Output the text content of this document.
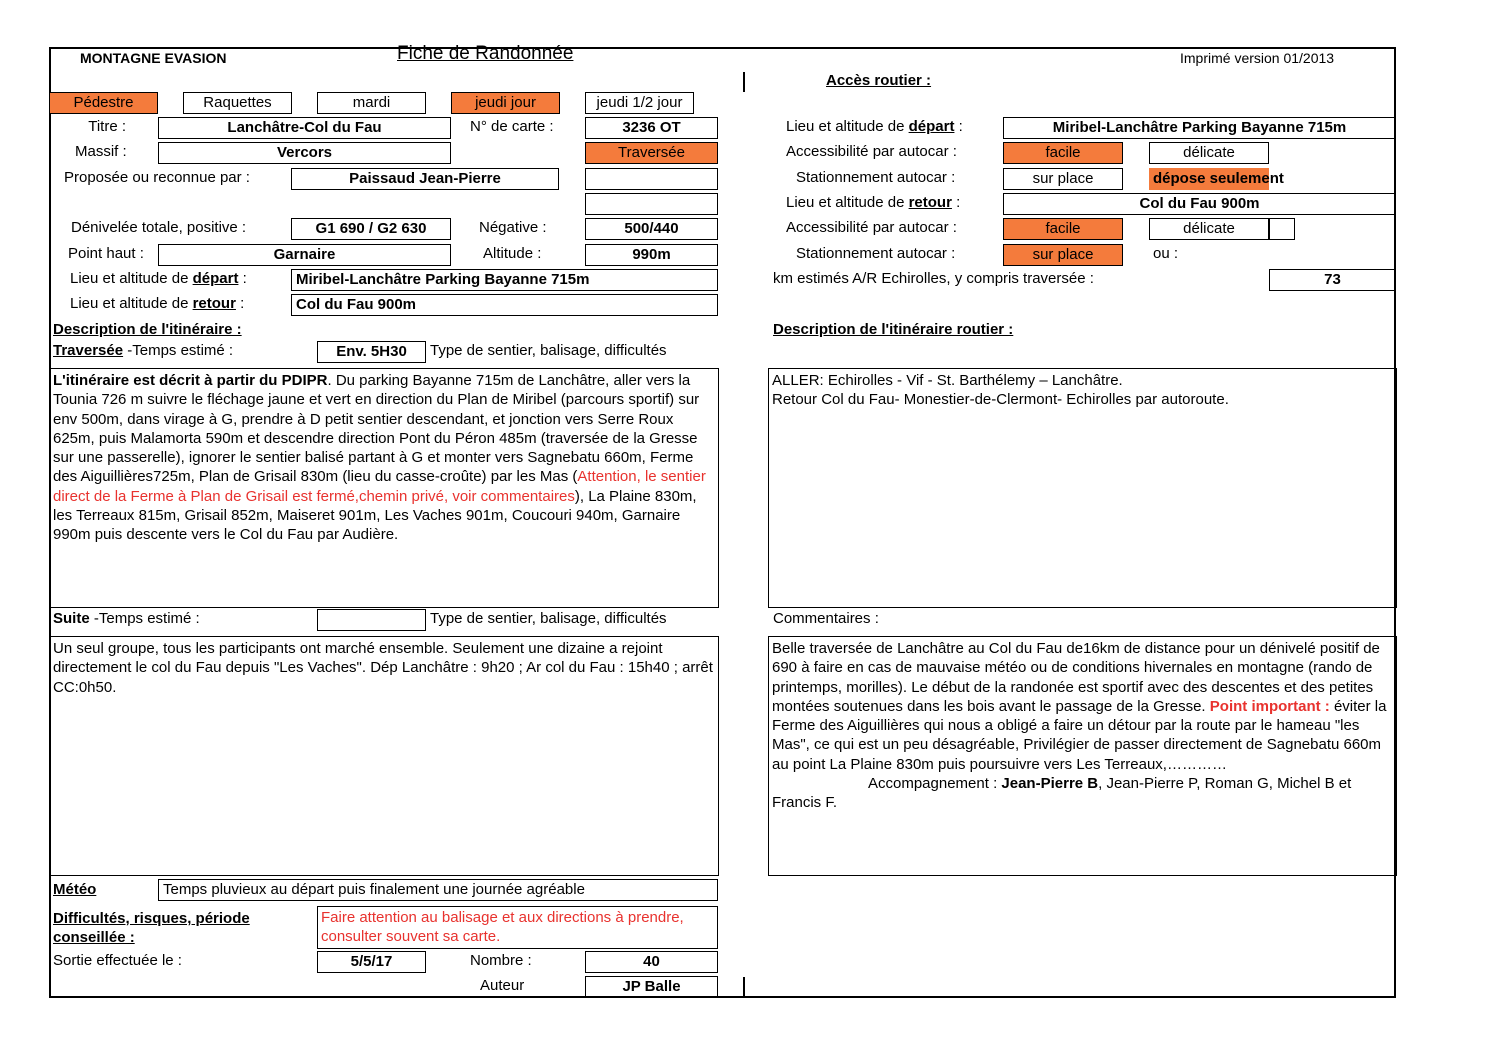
MONTAGNE EVASION	Fiche de Randonnée	Imprimé version 01/2013
Accès routier :
Pédestre	Raquettes	mardi	jeudi jour	jeudi 1/2 jour
Titre :	Lanchâtre-Col du Fau	N° de carte :	3236 OT
Massif :	Vercors	Traversée
Proposée ou reconnue par :	Paissaud Jean-Pierre
Dénivelée totale, positive :	G1 690 / G2 630	Négative :	500/440
Point haut :	Garnaire	Altitude :	990m
Lieu et altitude de départ :	Miribel-Lanchâtre Parking Bayanne 715m
Lieu et altitude de retour :	Col du Fau 900m
Description de l'itinéraire :
Traversée -Temps estimé :	Env. 5H30	Type de sentier, balisage, difficultés
L'itinéraire est décrit à partir du PDIPR. Du parking Bayanne 715m de Lanchâtre, aller vers la Tounia 726 m suivre le fléchage jaune et vert en direction du Plan de Miribel (parcours sportif) sur env 500m, dans virage à G, prendre à D petit sentier descendant, et jonction vers Serre Roux 625m, puis Malamorta 590m et descendre direction Pont du Péron 485m (traversée de la Gresse sur une passerelle), ignorer le sentier balisé partant à G et monter vers Sagnebatu 660m, Ferme des Aiguillières725m, Plan de Grisail 830m (lieu du casse-croûte) par les Mas (Attention, le sentier direct de la Ferme à Plan de Grisail est fermé,chemin privé, voir commentaires), La Plaine 830m, les Terreaux 815m, Grisail 852m, Maiseret 901m, Les Vaches 901m, Coucouri 940m, Garnaire 990m puis descente vers le Col du Fau par Audière.
Suite -Temps estimé :	Type de sentier, balisage, difficultés
Un seul groupe, tous les participants ont marché ensemble. Seulement une dizaine a rejoint directement le col du Fau depuis "Les Vaches". Dép Lanchâtre : 9h20 ; Ar col du Fau : 15h40 ; arrêt CC:0h50.
Météo	Temps pluvieux au départ puis finalement une journée agréable
Difficultés, risques, période conseillée :
Faire attention au balisage et aux directions à prendre, consulter souvent sa carte.
Sortie effectuée le :	5/5/17	Nombre :	40
Auteur	JP Balle
Lieu et altitude de départ :	Miribel-Lanchâtre Parking Bayanne 715m
Accessibilité par autocar :	facile	délicate
Stationnement autocar :	sur place	dépose seulement
Lieu et altitude de retour :	Col du Fau 900m
Accessibilité par autocar :	facile	délicate
Stationnement autocar :	sur place	ou :
km estimés A/R Echirolles, y compris traversée :	73
Description de l'itinéraire routier :
ALLER: Echirolles - Vif - St. Barthélemy – Lanchâtre.
Retour Col du Fau- Monestier-de-Clermont- Echirolles par autoroute.
Commentaires :
Belle traversée de Lanchâtre au Col du Fau de16km de distance pour un dénivelé positif de 690 à faire en cas de mauvaise météo ou de conditions hivernales en montagne (rando de printemps, morilles). Le début de la randonée est sportif avec des descentes et des petites montées soutenues dans les bois avant le passage de la Gresse. Point important : éviter la Ferme des Aiguillières qui nous a obligé a faire un détour par la route par le hameau "les Mas", ce qui est un peu désagréable, Privilégier de passer directement de Sagnebatu 660m au point La Plaine 830m puis poursuivre vers Les Terreaux,…………
Accompagnement : Jean-Pierre B, Jean-Pierre P, Roman G, Michel B et Francis F.
